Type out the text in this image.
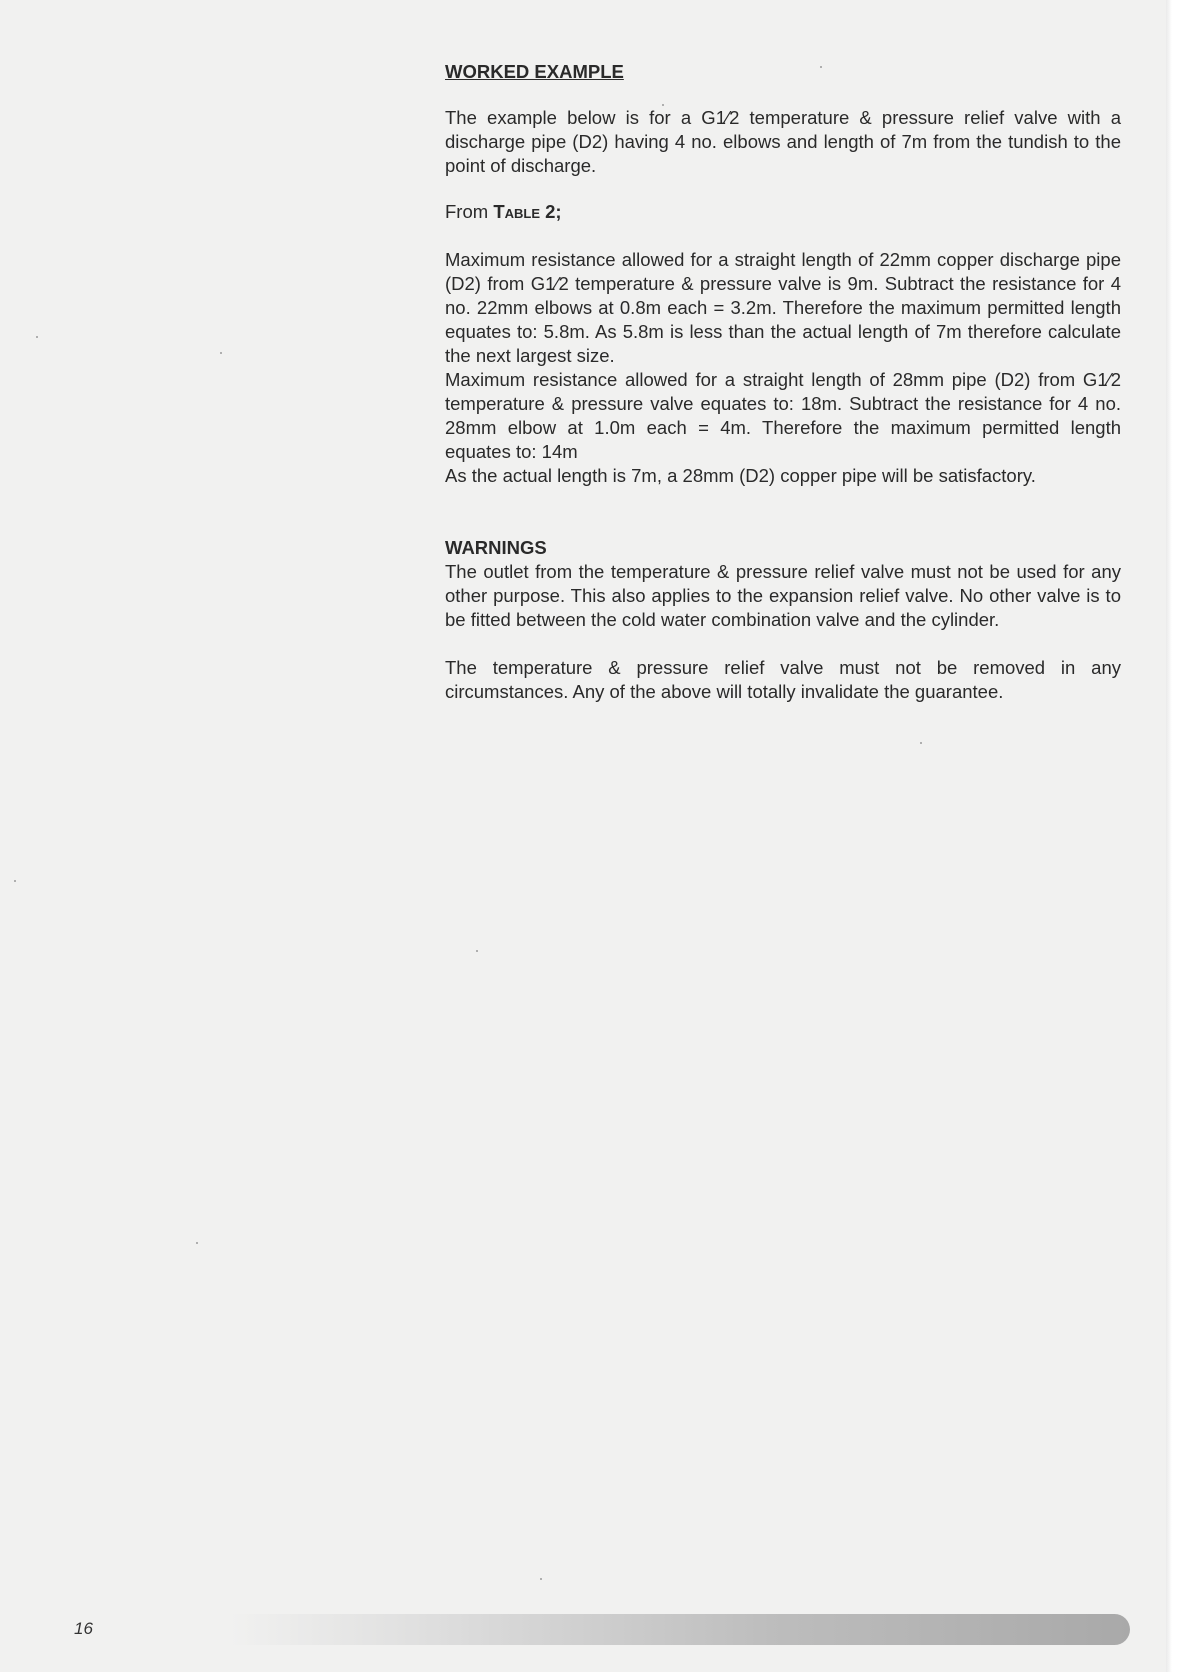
WORKED EXAMPLE

The example below is for a G1⁄2 temperature & pressure relief valve with a discharge pipe (D2) having 4 no. elbows and length of 7m from the tundish to the point of discharge.

From Table 2;

Maximum resistance allowed for a straight length of 22mm copper discharge pipe (D2) from G1⁄2 temperature & pressure valve is 9m. Subtract the resistance for 4 no. 22mm elbows at 0.8m each = 3.2m. Therefore the maximum permitted length equates to: 5.8m. As 5.8m is less than the actual length of 7m therefore calculate the next largest size.

Maximum resistance allowed for a straight length of 28mm pipe (D2) from G1⁄2 temperature & pressure valve equates to: 18m. Subtract the resistance for 4 no. 28mm elbow at 1.0m each = 4m. Therefore the maximum permitted length equates to: 14m

As the actual length is 7m, a 28mm (D2) copper pipe will be satisfactory.

WARNINGS

The outlet from the temperature & pressure relief valve must not be used for any other purpose. This also applies to the expansion relief valve. No other valve is to be fitted between the cold water combination valve and the cylinder.

The temperature & pressure relief valve must not be removed in any circumstances. Any of the above will totally invalidate the guarantee.

16
